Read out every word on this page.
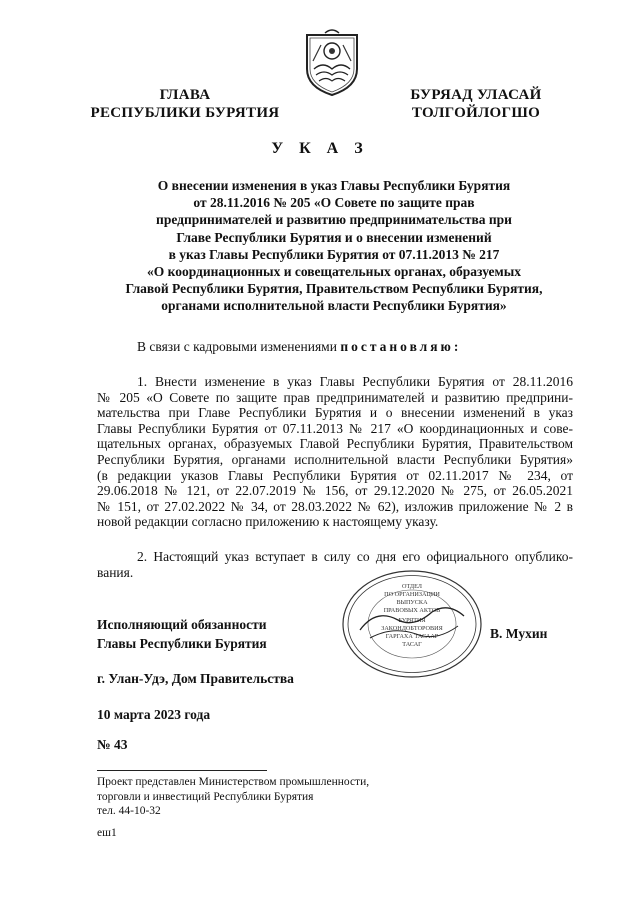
ГЛАВА
РЕСПУБЛИКИ БУРЯТИЯ
БУРЯАД УЛАСАЙ
ТОЛГОЙЛОГШО
У К А З
О внесении изменения в указ Главы Республики Бурятия
от 28.11.2016 № 205 «О Совете по защите прав
предпринимателей и развитию предпринимательства при
Главе Республики Бурятия и о внесении изменений
в указ Главы Республики Бурятия от 07.11.2013 № 217
«О координационных и совещательных органах, образуемых
Главой Республики Бурятия, Правительством Республики Бурятия,
органами исполнительной власти Республики Бурятия»
В связи с кадровыми изменениями постановляю:
1. Внести изменение в указ Главы Республики Бурятия от 28.11.2016
№ 205 «О Совете по защите прав предпринимателей и развитию предприни-
мательства при Главе Республики Бурятия и о внесении изменений в указ
Главы Республики Бурятия от 07.11.2013 № 217 «О координационных и сове-
щательных органах, образуемых Главой Республики Бурятия, Правительством
Республики Бурятия, органами исполнительной власти Республики Бурятия»
(в редакции указов Главы Республики Бурятия от 02.11.2017 № 234, от
29.06.2018 № 121, от 22.07.2019 № 156, от 29.12.2020 № 275, от 26.05.2021
№ 151, от 27.02.2022 № 34, от 28.03.2022 № 62), изложив приложение № 2 в
новой редакции согласно приложению к настоящему указу.
2. Настоящий указ вступает в силу со дня его официального опублико-
вания.
Исполняющий обязанности
Главы Республики Бурятия
ОТДЕЛ
ПО ОРГАНИЗАЦИИ
ВЫПУСКА
ПРАВОВЫХ АКТОВ
БУРЯТИЯ
ЗАКОНДОБТОРОВИЯ
ГАРГАХА ТАСААР
ТАСАГ
В. Мухин
г. Улан-Удэ, Дом Правительства
10 марта 2023 года
№ 43
Проект представлен Министерством промышленности,
торговли и инвестиций Республики Бурятия
тел. 44-10-32
еш1
